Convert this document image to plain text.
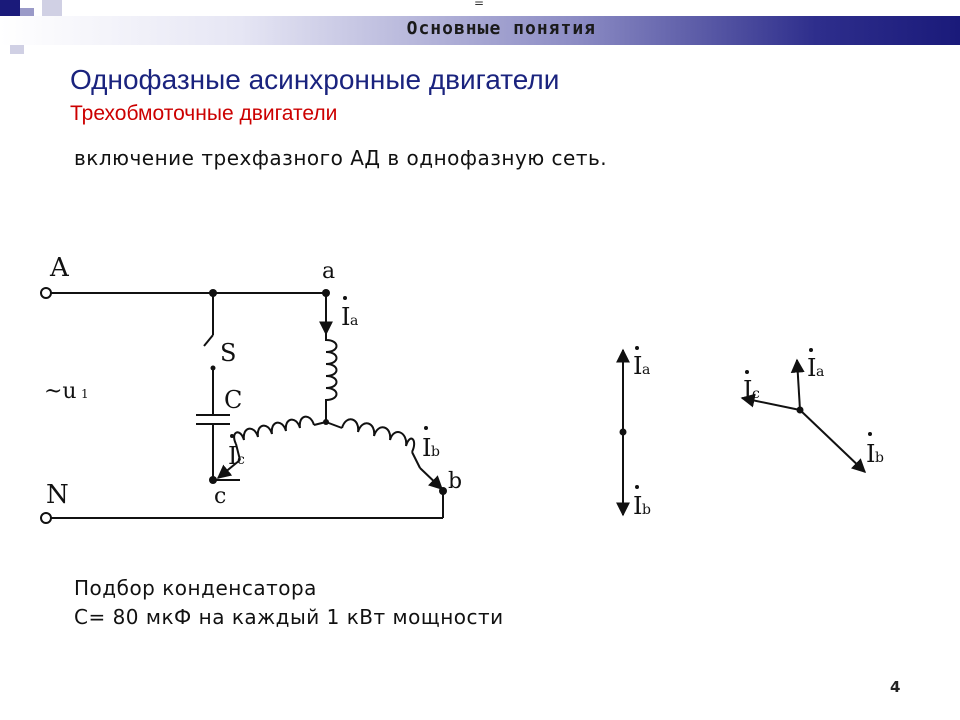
=
Основные понятия
Однофазные асинхронные двигатели
Трехобмоточные двигатели
включение трехфазного АД в однофазную сеть.
A
N
~u 1
S
C
a
b
c
I a
I b
I c
I a
I b
I a
I c
I b
Подбор конденсатора
С= 80 мкФ на каждый 1 кВт мощности
4
